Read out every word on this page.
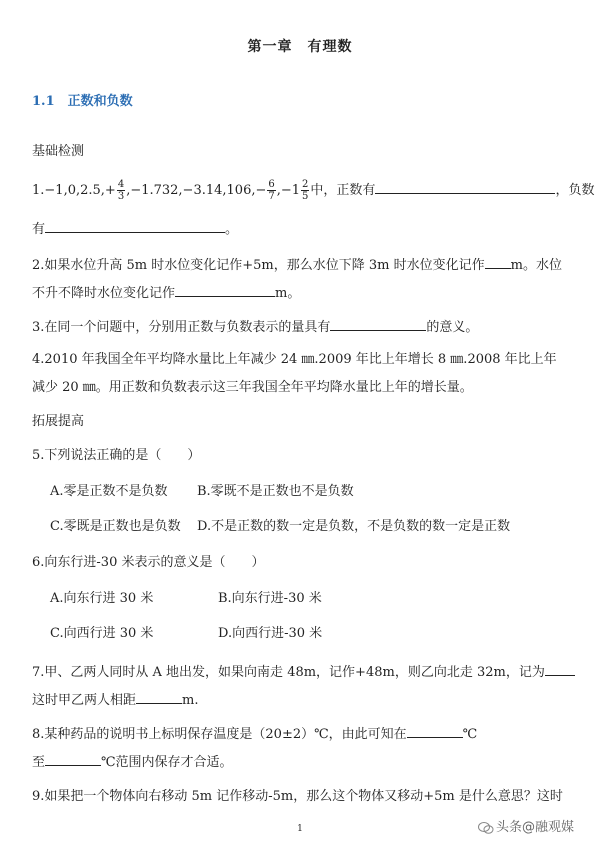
第一章　有理数
1.1　正数和负数
基础检测
$1.-1,0,2.5,+ \frac{4}{3} ,-1.732,-3.14,106,- \frac{6}{7} ,-1 \frac{2}{5}$ 中，正数有	，负数
有	。
2.如果水位升高 5m 时水位变化记作+5m，那么水位下降 3m 时水位变化记作 m。水位
不升不降时水位变化记作	m。
3.在同一个问题中，分别用正数与负数表示的量具有	的意义。
4.2010 年我国全年平均降水量比上年减少 24 ㎜.2009 年比上年增长 8 ㎜.2008 年比上年
减少 20 ㎜。用正数和负数表示这三年我国全年平均降水量比上年的增长量。
拓展提高
5.下列说法正确的是（　　）
A.零是正数不是负数 B.零既不是正数也不是负数
C.零既是正数也是负数 D.不是正数的数一定是负数，不是负数的数一定是正数
6.向东行进-30 米表示的意义是（　　）
A.向东行进 30 米	B.向东行进-30 米
C.向西行进 30 米	D.向西行进-30 米
7.甲、乙两人同时从 A 地出发，如果向南走 48m，记作+48m，则乙向北走 32m，记为
这时甲乙两人相距	m.
8.某种药品的说明书上标明保存温度是（20±2）℃，由此可知在	℃
至	℃范围内保存才合适。
9.如果把一个物体向右移动 5m 记作移动-5m，那么这个物体又移动+5m 是什么意思？这时
1	头条@融观媒
